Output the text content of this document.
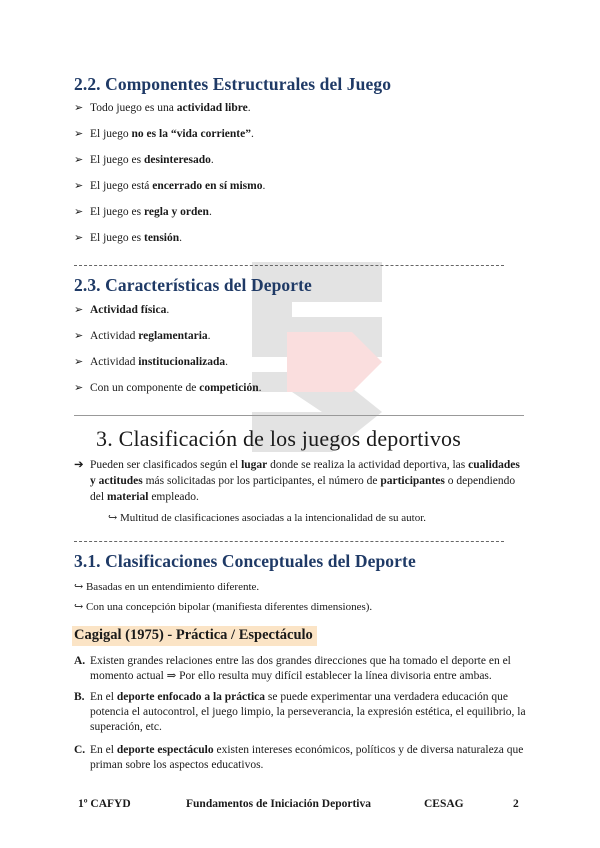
2.2. Componentes Estructurales del Juego
➢ Todo juego es una actividad libre.
➢ El juego no es la “vida corriente”.
➢ El juego es desinteresado.
➢ El juego está encerrado en sí mismo.
➢ El juego es regla y orden.
➢ El juego es tensión.
2.3. Características del Deporte
➢ Actividad física.
➢ Actividad reglamentaria.
➢ Actividad institucionalizada.
➢ Con un componente de competición.
3. Clasificación de los juegos deportivos
➔ Pueden ser clasificados según el lugar donde se realiza la actividad deportiva, las cualidades y actitudes más solicitadas por los participantes, el número de participantes o dependiendo del material empleado.
↪ Multitud de clasificaciones asociadas a la intencionalidad de su autor.
3.1. Clasificaciones Conceptuales del Deporte
↪ Basadas en un entendimiento diferente.
↪ Con una concepción bipolar (manifiesta diferentes dimensiones).
Cagigal (1975) - Práctica / Espectáculo
A. Existen grandes relaciones entre las dos grandes direcciones que ha tomado el deporte en el momento actual ⇒ Por ello resulta muy difícil establecer la línea divisoria entre ambas.
B. En el deporte enfocado a la práctica se puede experimentar una verdadera educación que potencia el autocontrol, el juego limpio, la perseverancia, la expresión estética, el equilibrio, la superación, etc.
C. En el deporte espectáculo existen intereses económicos, políticos y de diversa naturaleza que priman sobre los aspectos educativos.
1º CAFYD	Fundamentos de Iniciación Deportiva	CESAG	2
